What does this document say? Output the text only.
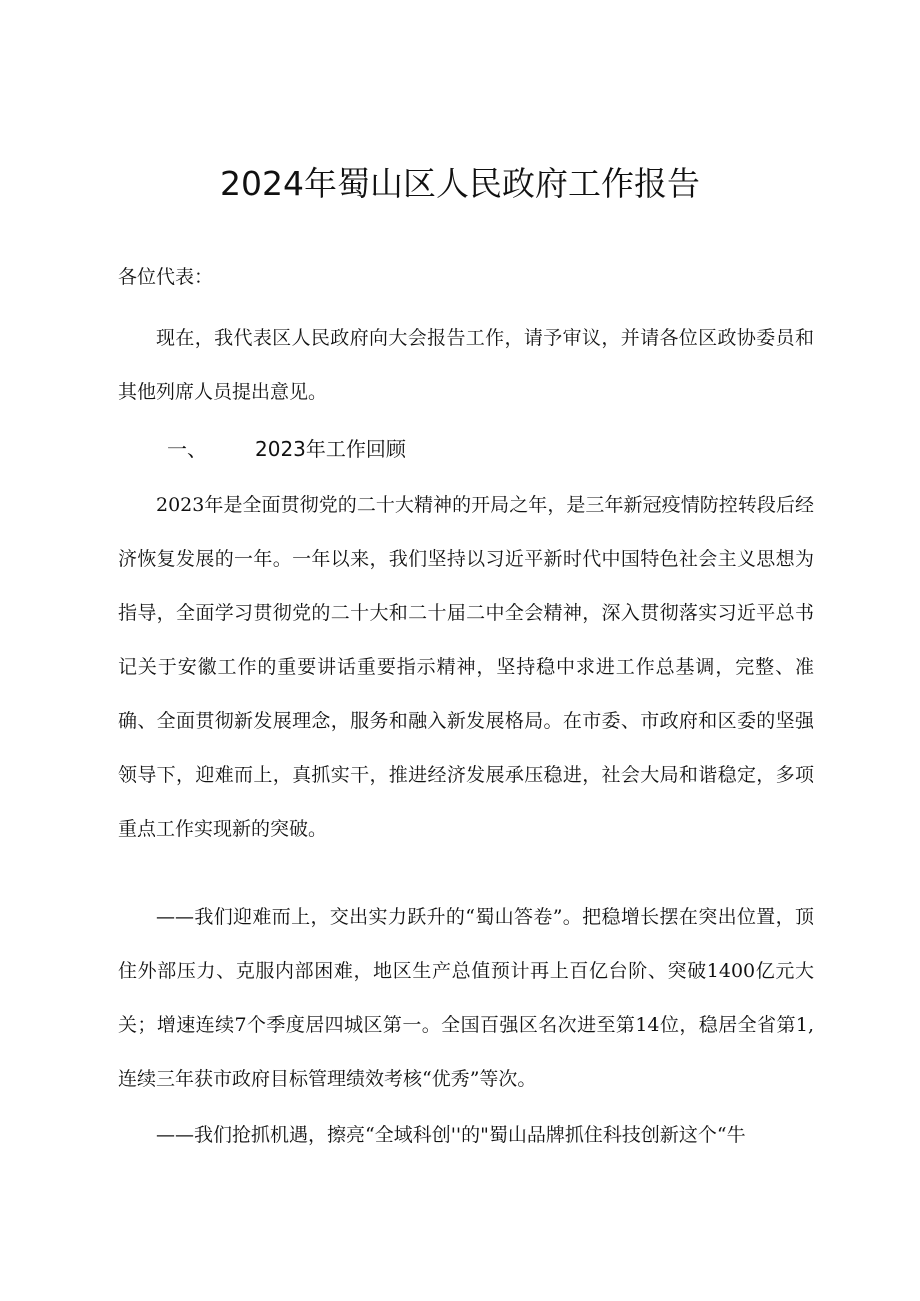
2024年蜀山区人民政府工作报告
各位代表：

现在，我代表区人民政府向大会报告工作，请予审议，并请各位区政协委员和其他列席人员提出意见。

一、	2023年工作回顾

2023年是全面贯彻党的二十大精神的开局之年，是三年新冠疫情防控转段后经济恢复发展的一年。一年以来，我们坚持以习近平新时代中国特色社会主义思想为指导，全面学习贯彻党的二十大和二十届二中全会精神，深入贯彻落实习近平总书记关于安徽工作的重要讲话重要指示精神，坚持稳中求进工作总基调，完整、准确、全面贯彻新发展理念，服务和融入新发展格局。在市委、市政府和区委的坚强领导下，迎难而上，真抓实干，推进经济发展承压稳进，社会大局和谐稳定，多项重点工作实现新的突破。

——我们迎难而上，交出实力跃升的“蜀山答卷”。把稳增长摆在突出位置，顶住外部压力、克服内部困难，地区生产总值预计再上百亿台阶、突破1400亿元大关；增速连续7个季度居四城区第一。全国百强区名次进至第14位，稳居全省第1,连续三年获市政府目标管理绩效考核“优秀”等次。

——我们抢抓机遇，擦亮“全域科创''的"蜀山品牌抓住科技创新这个“牛
